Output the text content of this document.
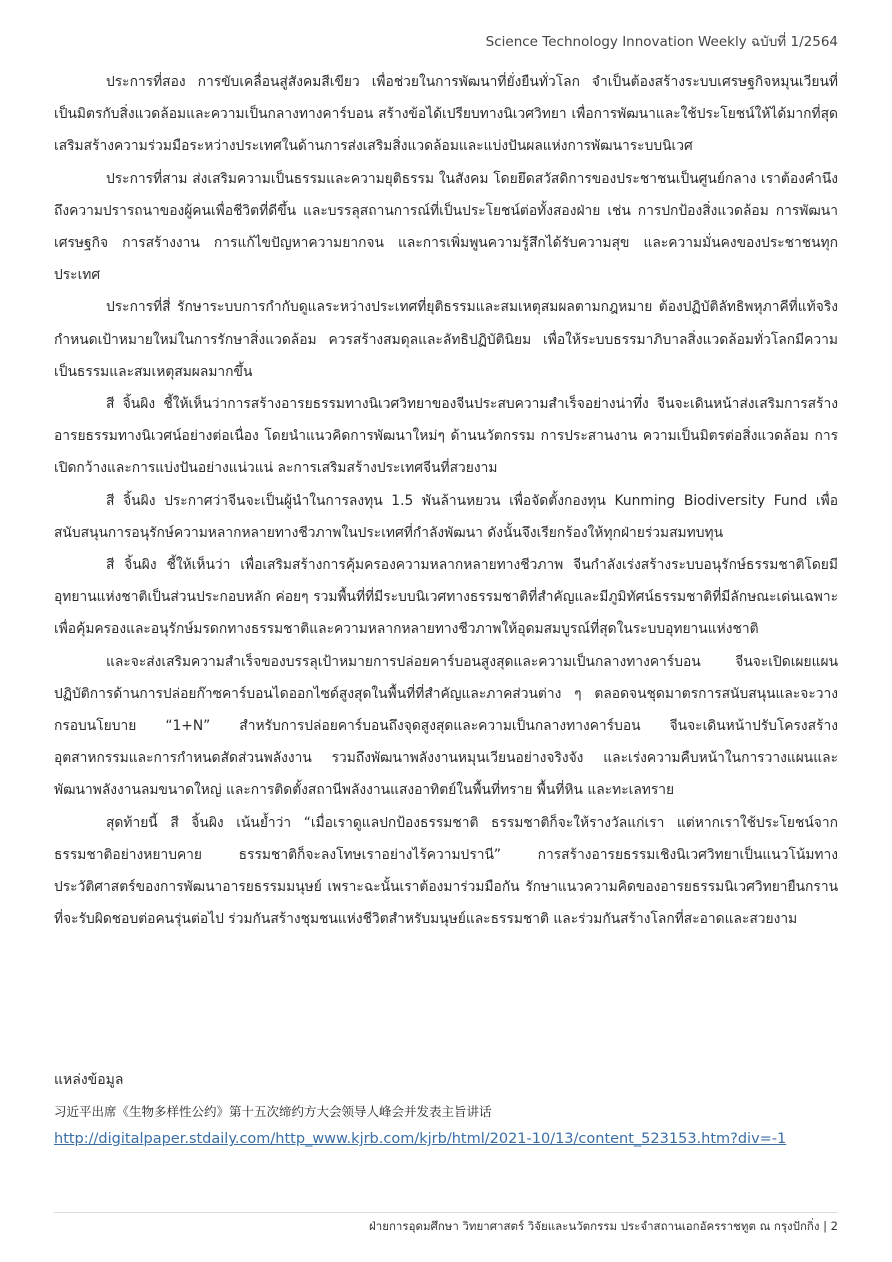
Science Technology Innovation Weekly ฉบับที่ 1/2564

ประการที่สอง การขับเคลื่อนสู่สังคมสีเขียว เพื่อช่วยในการพัฒนาที่ยั่งยืนทั่วโลก จำเป็นต้องสร้างระบบเศรษฐกิจหมุนเวียนที่เป็นมิตรกับสิ่งแวดล้อมและความเป็นกลางทางคาร์บอน สร้างข้อได้เปรียบทางนิเวศวิทยา เพื่อการพัฒนาและใช้ประโยชน์ให้ได้มากที่สุด เสริมสร้างความร่วมมือระหว่างประเทศในด้านการส่งเสริมสิ่งแวดล้อมและแบ่งปันผลแห่งการพัฒนาระบบนิเวศ

ประการที่สาม ส่งเสริมความเป็นธรรมและความยุติธรรม ในสังคม โดยยึดสวัสดิการของประชาชนเป็นศูนย์กลาง เราต้องคำนึงถึงความปรารถนาของผู้คนเพื่อชีวิตที่ดีขึ้น และบรรลุสถานการณ์ที่เป็นประโยชน์ต่อทั้งสองฝ่าย เช่น การปกป้องสิ่งแวดล้อม การพัฒนาเศรษฐกิจ การสร้างงาน การแก้ไขปัญหาความยากจน และการเพิ่มพูนความรู้สึกได้รับความสุข และความมั่นคงของประชาชนทุกประเทศ

ประการที่สี่ รักษาระบบการกำกับดูแลระหว่างประเทศที่ยุติธรรมและสมเหตุสมผลตามกฎหมาย ต้องปฏิบัติลัทธิพหุภาคีที่แท้จริง กำหนดเป้าหมายใหม่ในการรักษาสิ่งแวดล้อม ควรสร้างสมดุลและลัทธิปฏิบัตินิยม เพื่อให้ระบบธรรมาภิบาลสิ่งแวดล้อมทั่วโลกมีความเป็นธรรมและสมเหตุสมผลมากขึ้น

สี จิ้นผิง ชี้ให้เห็นว่าการสร้างอารยธรรมทางนิเวศวิทยาของจีนประสบความสำเร็จอย่างน่าทึ่ง จีนจะเดินหน้าส่งเสริมการสร้างอารยธรรมทางนิเวศน์อย่างต่อเนื่อง โดยนำแนวคิดการพัฒนาใหม่ๆ ด้านนวัตกรรม การประสานงาน ความเป็นมิตรต่อสิ่งแวดล้อม การเปิดกว้างและการแบ่งปันอย่างแน่วแน่ ละการเสริมสร้างประเทศจีนที่สวยงาม

สี จิ้นผิง ประกาศว่าจีนจะเป็นผู้นำในการลงทุน 1.5 พันล้านหยวน เพื่อจัดตั้งกองทุน Kunming Biodiversity Fund เพื่อสนับสนุนการอนุรักษ์ความหลากหลายทางชีวภาพในประเทศที่กำลังพัฒนา ดังนั้นจึงเรียกร้องให้ทุกฝ่ายร่วมสมทบทุน

สี จิ้นผิง ชี้ให้เห็นว่า เพื่อเสริมสร้างการคุ้มครองความหลากหลายทางชีวภาพ จีนกำลังเร่งสร้างระบบอนุรักษ์ธรรมชาติโดยมีอุทยานแห่งชาติเป็นส่วนประกอบหลัก ค่อยๆ รวมพื้นที่ที่มีระบบนิเวศทางธรรมชาติที่สำคัญและมีภูมิทัศน์ธรรมชาติที่มีลักษณะเด่นเฉพาะ เพื่อคุ้มครองและอนุรักษ์มรดกทางธรรมชาติและความหลากหลายทางชีวภาพให้อุดมสมบูรณ์ที่สุดในระบบอุทยานแห่งชาติ

และจะส่งเสริมความสำเร็จของบรรลุเป้าหมายการปล่อยคาร์บอนสูงสุดและความเป็นกลางทางคาร์บอน จีนจะเปิดเผยแผนปฏิบัติการด้านการปล่อยก๊าซคาร์บอนไดออกไซด์สูงสุดในพื้นที่ที่สำคัญและภาคส่วนต่าง ๆ ตลอดจนชุดมาตรการสนับสนุนและจะวางกรอบนโยบาย “1+N” สำหรับการปล่อยคาร์บอนถึงจุดสูงสุดและความเป็นกลางทางคาร์บอน จีนจะเดินหน้าปรับโครงสร้างอุตสาหกรรมและการกำหนดสัดส่วนพลังงาน รวมถึงพัฒนาพลังงานหมุนเวียนอย่างจริงจัง และเร่งความคืบหน้าในการวางแผนและพัฒนาพลังงานลมขนาดใหญ่ และการติดตั้งสถานีพลังงานแสงอาทิตย์ในพื้นที่ทราย พื้นที่หิน และทะเลทราย

สุดท้ายนี้ สี จิ้นผิง เน้นย้ำว่า “เมื่อเราดูแลปกป้องธรรมชาติ ธรรมชาติก็จะให้รางวัลแก่เรา แต่หากเราใช้ประโยชน์จากธรรมชาติอย่างหยาบคาย ธรรมชาติก็จะลงโทษเราอย่างไร้ความปรานี” การสร้างอารยธรรมเชิงนิเวศวิทยาเป็นแนวโน้มทางประวัติศาสตร์ของการพัฒนาอารยธรรมมนุษย์ เพราะฉะนั้นเราต้องมาร่วมมือกัน รักษาแนวความคิดของอารยธรรมนิเวศวิทยายืนกรานที่จะรับผิดชอบต่อคนรุ่นต่อไป ร่วมกันสร้างชุมชนแห่งชีวิตสำหรับมนุษย์และธรรมชาติ และร่วมกันสร้างโลกที่สะอาดและสวยงาม

แหล่งข้อมูล
习近平出席《生物多样性公约》第十五次缔约方大会领导人峰会并发表主旨讲话
http://digitalpaper.stdaily.com/http_www.kjrb.com/kjrb/html/2021-10/13/content_523153.htm?div=-1
ฝ่ายการอุดมศึกษา วิทยาศาสตร์ วิจัยและนวัตกรรม ประจำสถานเอกอัครราชทูต ณ กรุงปักกิ่ง | 2
